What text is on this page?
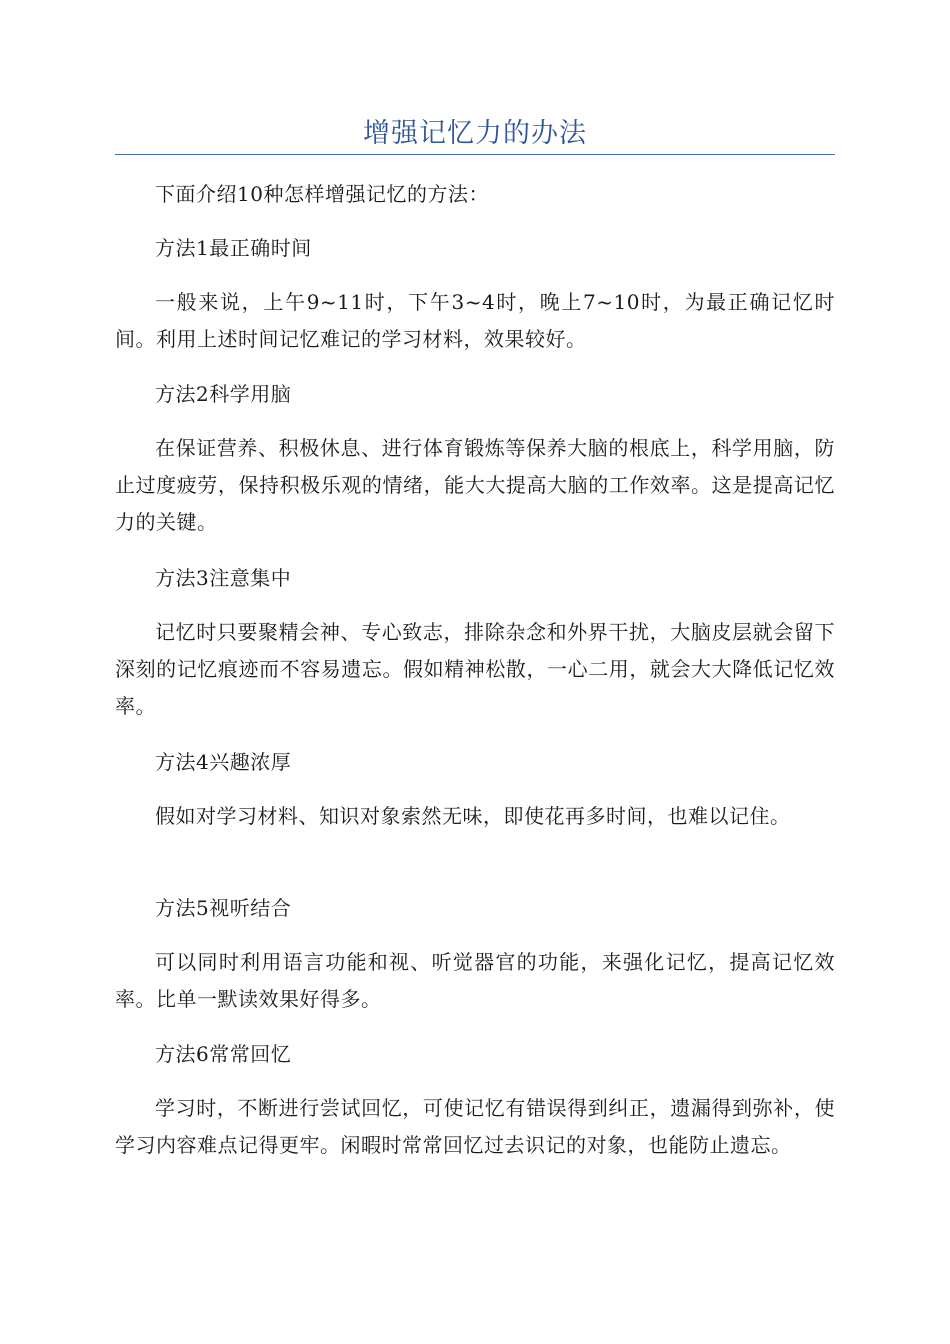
增强记忆力的办法

下面介绍10种怎样增强记忆的方法：

方法1最正确时间

一般来说，上午9~11时，下午3~4时，晚上7~10时，为最正确记忆时间。利用上述时间记忆难记的学习材料，效果较好。

方法2科学用脑

在保证营养、积极休息、进行体育锻炼等保养大脑的根底上，科学用脑，防止过度疲劳，保持积极乐观的情绪，能大大提高大脑的工作效率。这是提高记忆力的关键。

方法3注意集中

记忆时只要聚精会神、专心致志，排除杂念和外界干扰，大脑皮层就会留下深刻的记忆痕迹而不容易遗忘。假如精神松散，一心二用，就会大大降低记忆效率。

方法4兴趣浓厚

假如对学习材料、知识对象索然无味，即使花再多时间，也难以记住。

方法5视听结合

可以同时利用语言功能和视、听觉器官的功能，来强化记忆，提高记忆效率。比单一默读效果好得多。

方法6常常回忆

学习时，不断进行尝试回忆，可使记忆有错误得到纠正，遗漏得到弥补，使学习内容难点记得更牢。闲暇时常常回忆过去识记的对象，也能防止遗忘。
